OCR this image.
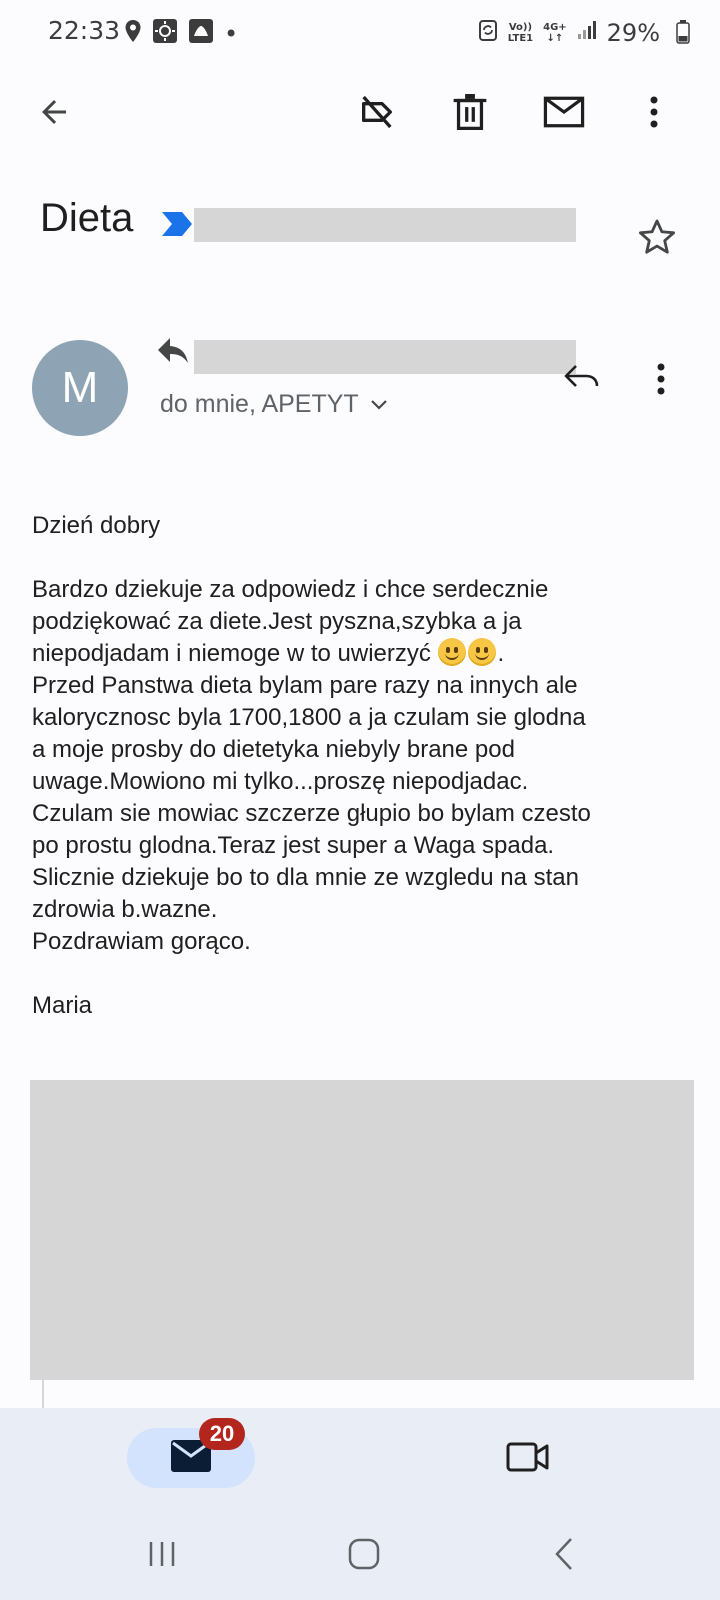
22:33	•	Vo))
LTE1
4G+
↓↑ 29%
Dieta
M	do mnie, APETYT

Dzień dobry

Bardzo dziekuje za odpowiedz i chce serdecznie

podziękować za diete.Jest pyszna,szybka a ja

niepodjadam i niemoge w to uwierzyć	.

Przed Panstwa dieta bylam pare razy na innych ale

kalorycznosc byla 1700,1800 a ja czulam sie glodna

a moje prosby do dietetyka niebyly brane pod

uwage.Mowiono mi tylko...proszę niepodjadac.

Czulam sie mowiac szczerze głupio bo bylam czesto

po prostu glodna.Teraz jest super a Waga spada.

Slicznie dziekuje bo to dla mnie ze wzgledu na stan

zdrowia b.wazne.

Pozdrawiam gorąco.

Maria

20
